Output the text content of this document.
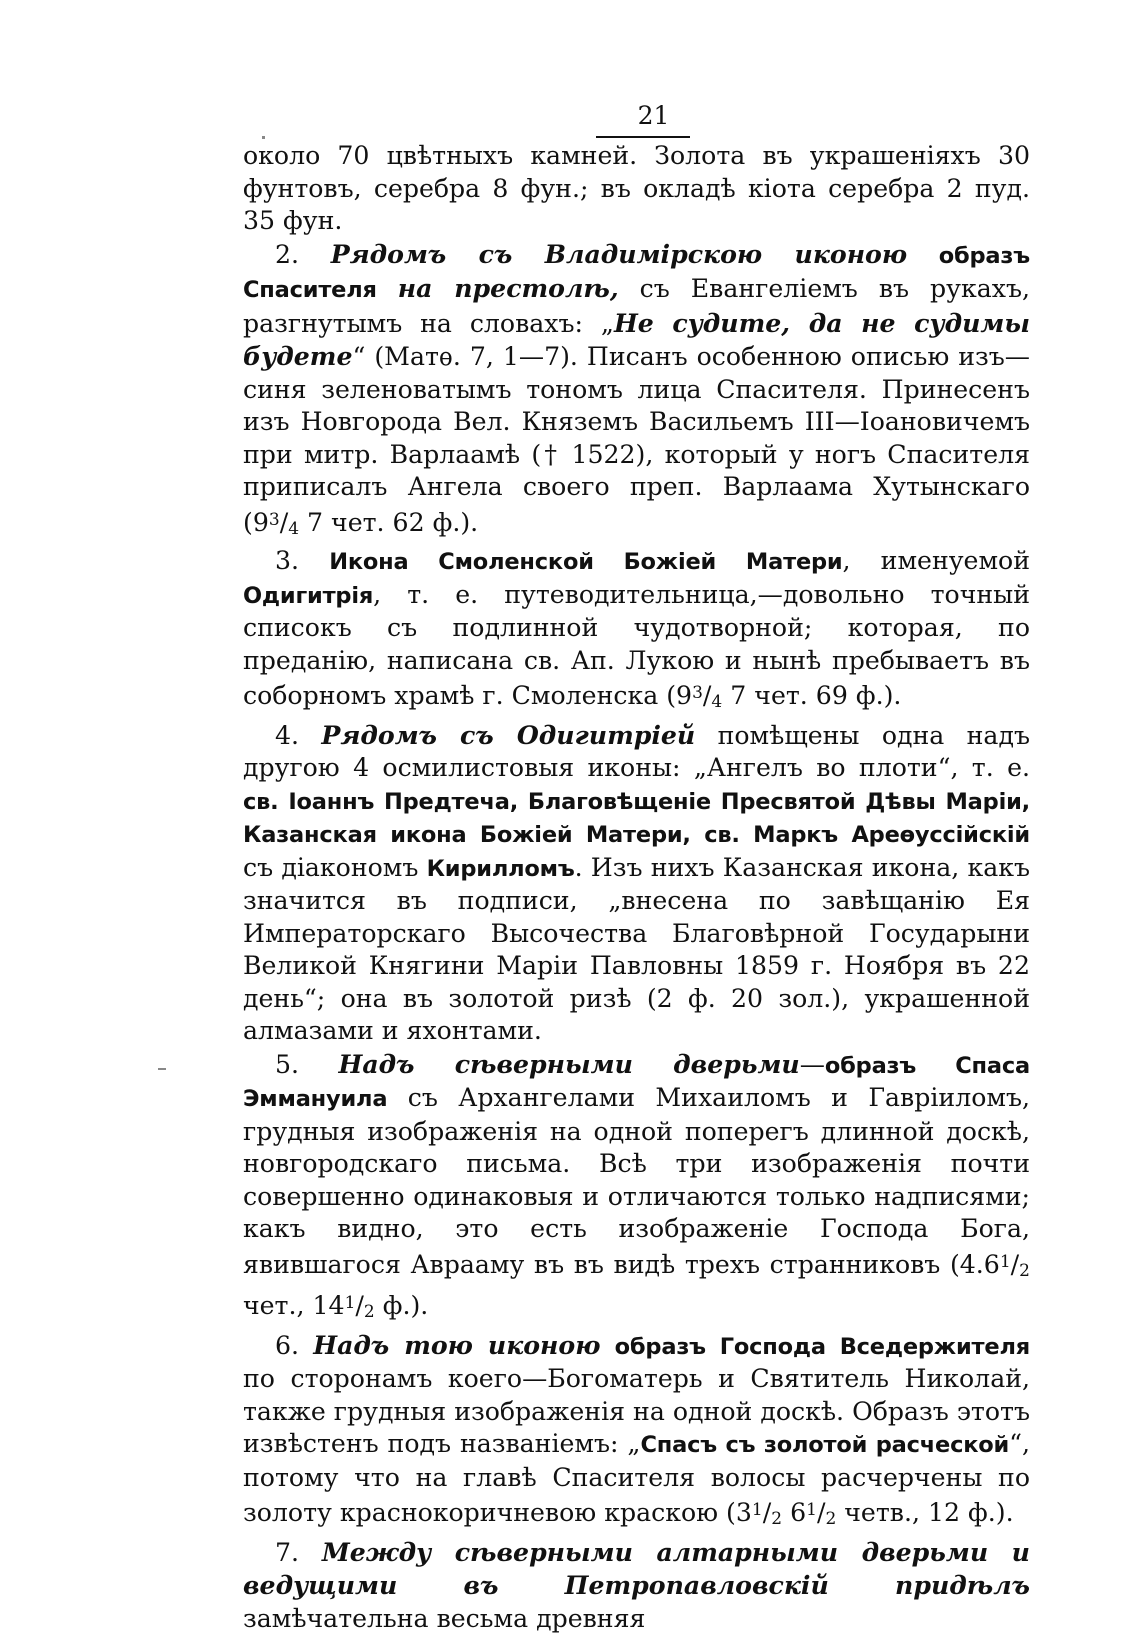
21

около 70 цвѣтныхъ камней. Золота въ украшеніяхъ 30 фунтовъ, серебра 8 фун.; въ окладѣ кіота серебра 2 пуд. 35 фун.

2. Рядомъ съ Владимірскою иконою образъ Спасителя на престолѣ, съ Евангеліемъ въ рукахъ, разгнутымъ на словахъ: „Не судите, да не судимы будете“ (Матѳ. 7, 1—7). Писанъ особенною описью изъ—синя зеленоватымъ тономъ лица Спасителя. Принесенъ изъ Новгорода Вел. Княземъ Васильемъ III—Іоановичемъ при митр. Варлаамѣ († 1522), который у ногъ Спасителя приписалъ Ангела своего преп. Варлаама Хутынскаго ($9^3/4$ 7 чет. 62 ф.).

3. Икона Смоленской Божіей Матери, именуемой Одигитрія, т. е. путеводительница,—довольно точный списокъ съ подлинной чудотворной; которая, по преданію, написана св. Ап. Лукою и нынѣ пребываетъ въ соборномъ храмѣ г. Смоленска ($9^3/4$ 7 чет. 69 ф.).

4. Рядомъ съ Одигитріей помѣщены одна надъ другою 4 осмилистовыя иконы: „Ангелъ во плоти“, т. е. св. Іоаннъ Предтеча, Благовѣщеніе Пресвятой Дѣвы Маріи, Казанская икона Божіей Матери, св. Маркъ Ареѳуссійскій съ діакономъ Кирилломъ. Изъ нихъ Казанская икона, какъ значится въ подписи, „внесена по завѣщанію Ея Императорскаго Высочества Благовѣрной Государыни Великой Княгини Маріи Павловны 1859 г. Ноября въ 22 день“; она въ золотой ризѣ (2 ф. 20 зол.), украшенной алмазами и яхонтами.

5. Надъ сѣверными дверьми—образъ Спаса Эммануила съ Архангелами Михаиломъ и Гавріиломъ, грудныя изображенія на одной поперегъ длинной доскѣ, новгородскаго письма. Всѣ три изображенія почти совершенно одинаковыя и отличаются только надписями; какъ видно, это есть изображеніе Господа Бога, явившагося Аврааму въ въ видѣ трехъ странниковъ ($4.6^1/2$ чет., $14^1/2$ ф.).

6. Надъ тою иконою образъ Господа Вседержителя по сторонамъ коего—Богоматерь и Святитель Николай, также грудныя изображенія на одной доскѣ. Образъ этотъ извѣстенъ подъ названіемъ: „Спасъ съ золотой расческой“, потому что на главѣ Спасителя волосы расчерчены по золоту краснокоричневою краскою ($3^1/2$ $6^1/2$ четв., 12 ф.).

7. Между сѣверными алтарными дверьми и ведущими въ Петропавловскій придѣлъ замѣчательна весьма древняя
